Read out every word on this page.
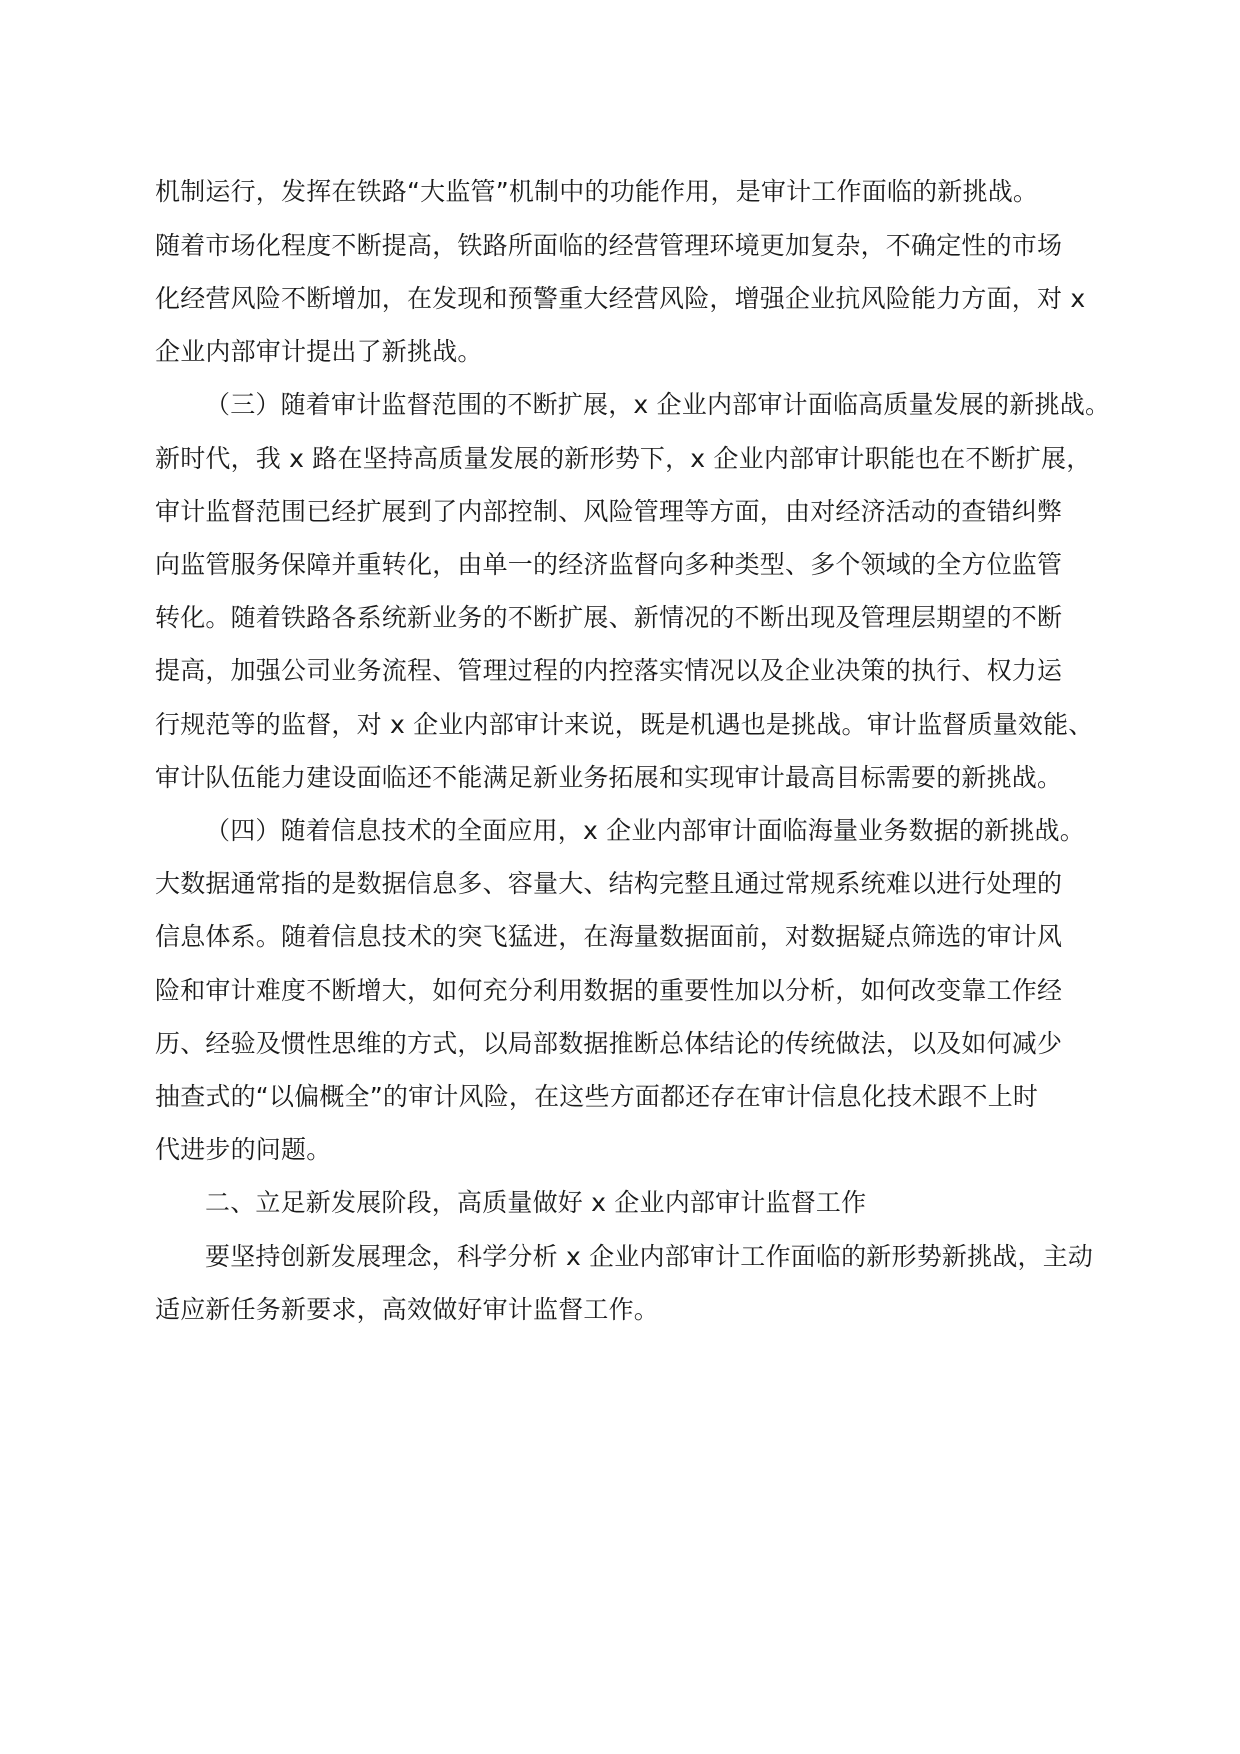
机制运行，发挥在铁路“大监管”机制中的功能作用，是审计工作面临的新挑战。

随着市场化程度不断提高，铁路所面临的经营管理环境更加复杂，不确定性的市场

化经营风险不断增加，在发现和预警重大经营风险，增强企业抗风险能力方面，对 x

企业内部审计提出了新挑战。

（三）随着审计监督范围的不断扩展，x 企业内部审计面临高质量发展的新挑战。

新时代，我 x 路在坚持高质量发展的新形势下，x 企业内部审计职能也在不断扩展，

审计监督范围已经扩展到了内部控制、风险管理等方面，由对经济活动的查错纠弊

向监管服务保障并重转化，由单一的经济监督向多种类型、多个领域的全方位监管

转化。随着铁路各系统新业务的不断扩展、新情况的不断出现及管理层期望的不断

提高，加强公司业务流程、管理过程的内控落实情况以及企业决策的执行、权力运

行规范等的监督，对 x 企业内部审计来说，既是机遇也是挑战。审计监督质量效能、

审计队伍能力建设面临还不能满足新业务拓展和实现审计最高目标需要的新挑战。

（四）随着信息技术的全面应用，x 企业内部审计面临海量业务数据的新挑战。

大数据通常指的是数据信息多、容量大、结构完整且通过常规系统难以进行处理的

信息体系。随着信息技术的突飞猛进，在海量数据面前，对数据疑点筛选的审计风

险和审计难度不断增大，如何充分利用数据的重要性加以分析，如何改变靠工作经

历、经验及惯性思维的方式，以局部数据推断总体结论的传统做法，以及如何减少

抽查式的“以偏概全”的审计风险，在这些方面都还存在审计信息化技术跟不上时

代进步的问题。

二、立足新发展阶段，高质量做好 x 企业内部审计监督工作

要坚持创新发展理念，科学分析 x 企业内部审计工作面临的新形势新挑战，主动

适应新任务新要求，高效做好审计监督工作。
